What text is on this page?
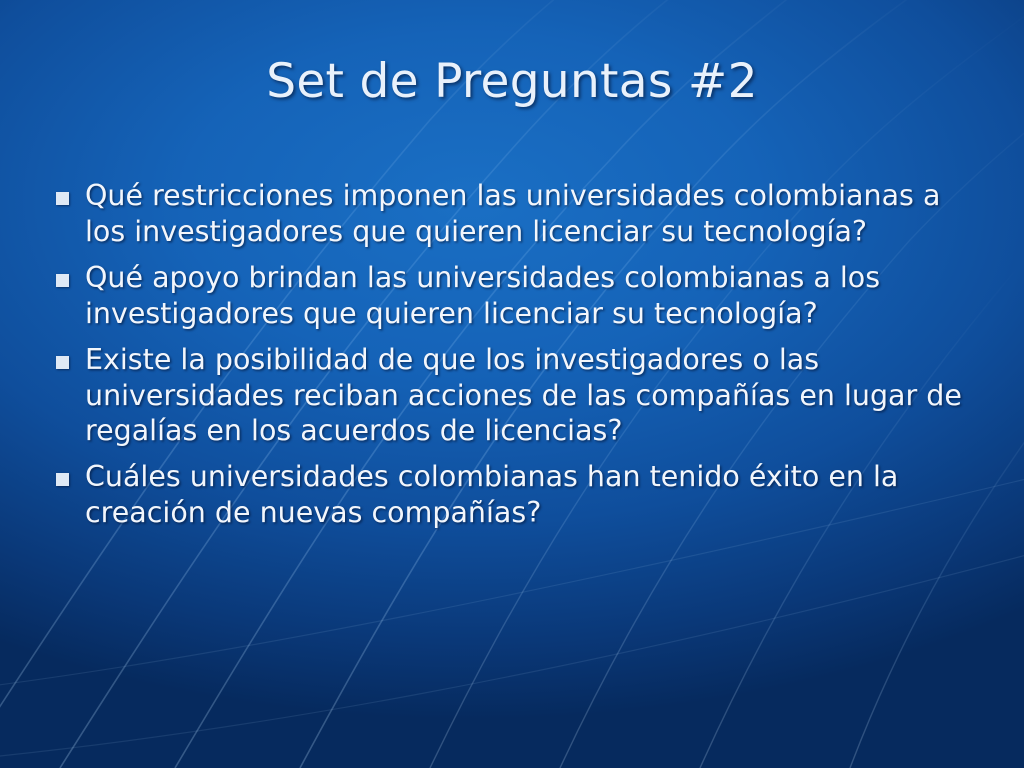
Set de Preguntas #2
Qué restricciones imponen las universidades colombianas a los investigadores que quieren licenciar su tecnología?
Qué apoyo brindan las universidades colombianas a los investigadores que quieren licenciar su tecnología?
Existe la posibilidad de que los investigadores o las universidades reciban acciones de las compañías en lugar de regalías en los acuerdos de licencias?
Cuáles universidades colombianas han tenido éxito en la creación de nuevas compañías?
